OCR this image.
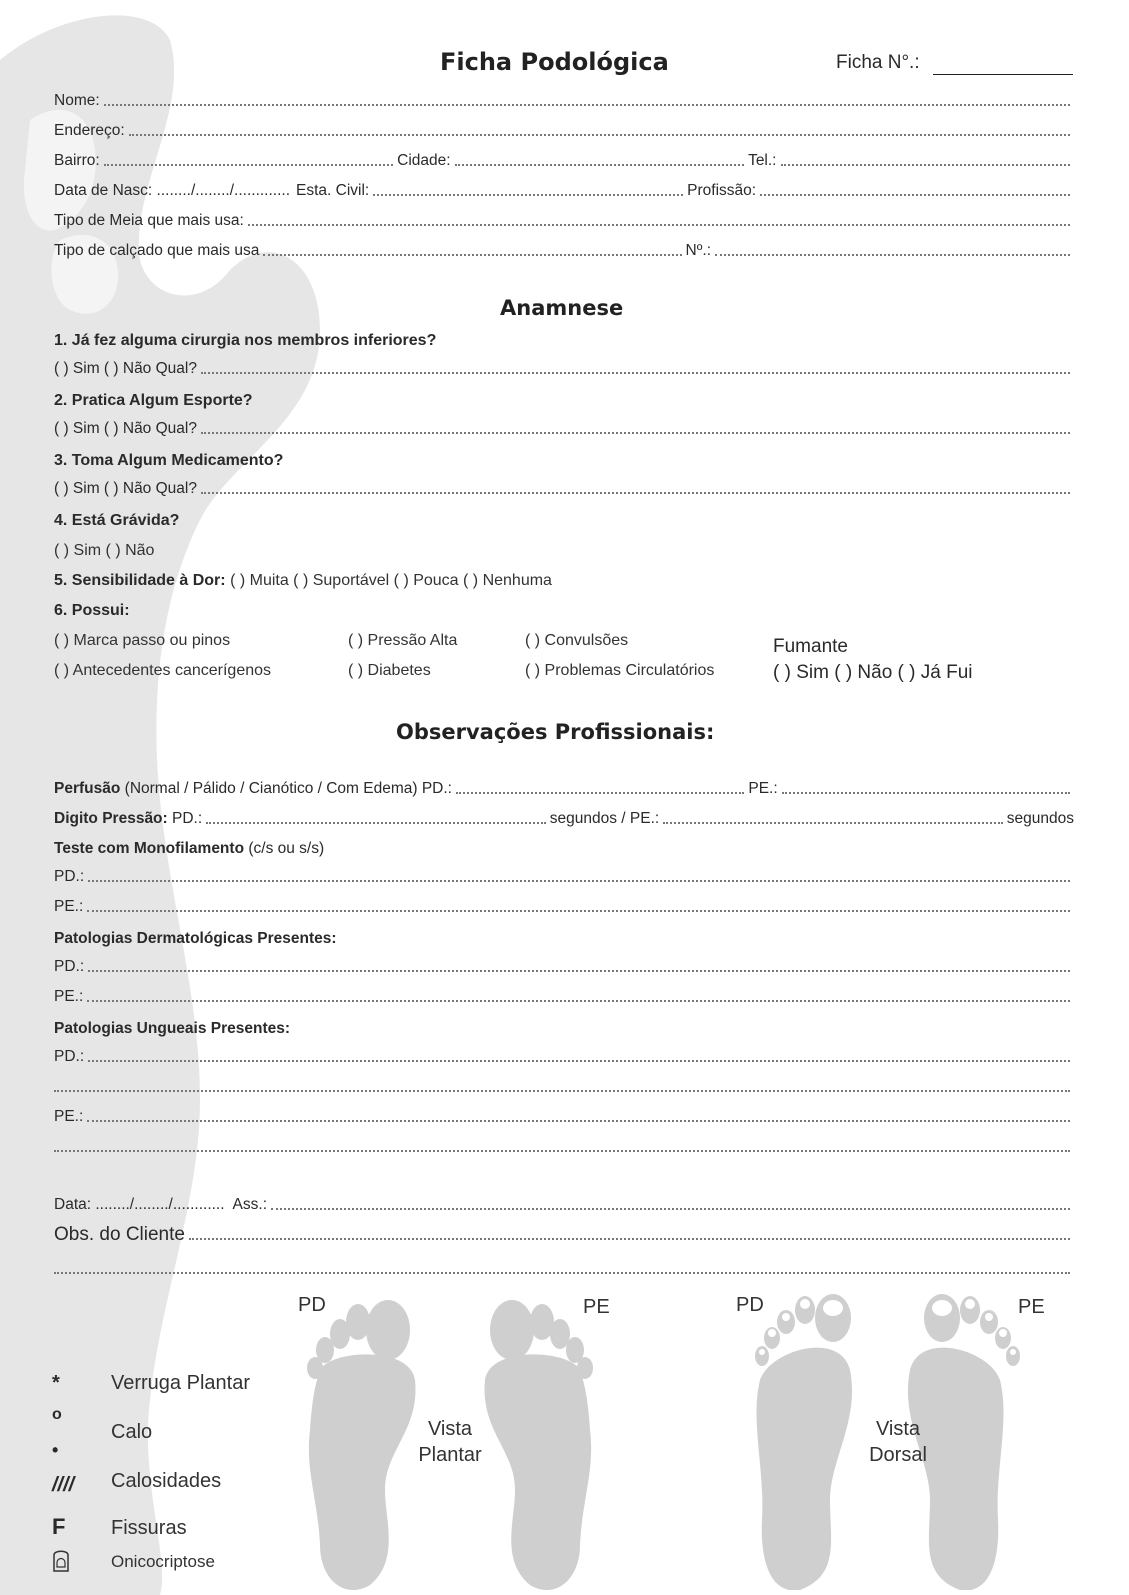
Ficha Podológica	Ficha N°.:
Nome:
Endereço:
Bairro:	Cidade:	Tel.:
Data de Nasc: ......../......../............. Esta. Civil:	Profissão:
Tipo de Meia que mais usa:
Tipo de calçado que mais usa	Nº.:
Anamnese
1. Já fez alguma cirurgia nos membros inferiores?
( ) Sim ( ) Não Qual?
2. Pratica Algum Esporte?
( ) Sim ( ) Não Qual?
3. Toma Algum Medicamento?
( ) Sim ( ) Não Qual?
4. Está Grávida?
( ) Sim ( ) Não
5. Sensibilidade à Dor: ( ) Muita ( ) Suportável ( ) Pouca ( ) Nenhuma
6. Possui:
( ) Marca passo ou pinos	( ) Pressão Alta	( ) Convulsões
( ) Antecedentes cancerígenos	( ) Diabetes	( ) Problemas Circulatórios
Fumante
( ) Sim ( ) Não ( ) Já Fui
Observações Profissionais:
Perfusão (Normal / Pálido / Cianótico / Com Edema) PD.:	PE.:
Digito Pressão: PD.:	segundos / PE.:	segundos
Teste com Monofilamento (c/s ou s/s)
PD.:
PE.:
Patologias Dermatológicas Presentes:
PD.:
PE.:
Patologias Ungueais Presentes:
PD.:
PE.:
Data: ......../......../............ Ass.:
Obs. do Cliente
PD	PE	PD	PE
Vista
Plantar
Vista
Dorsal
*	Verruga Plantar
o
Calo
•
//// Calosidades
F Fissuras
Onicocriptose
